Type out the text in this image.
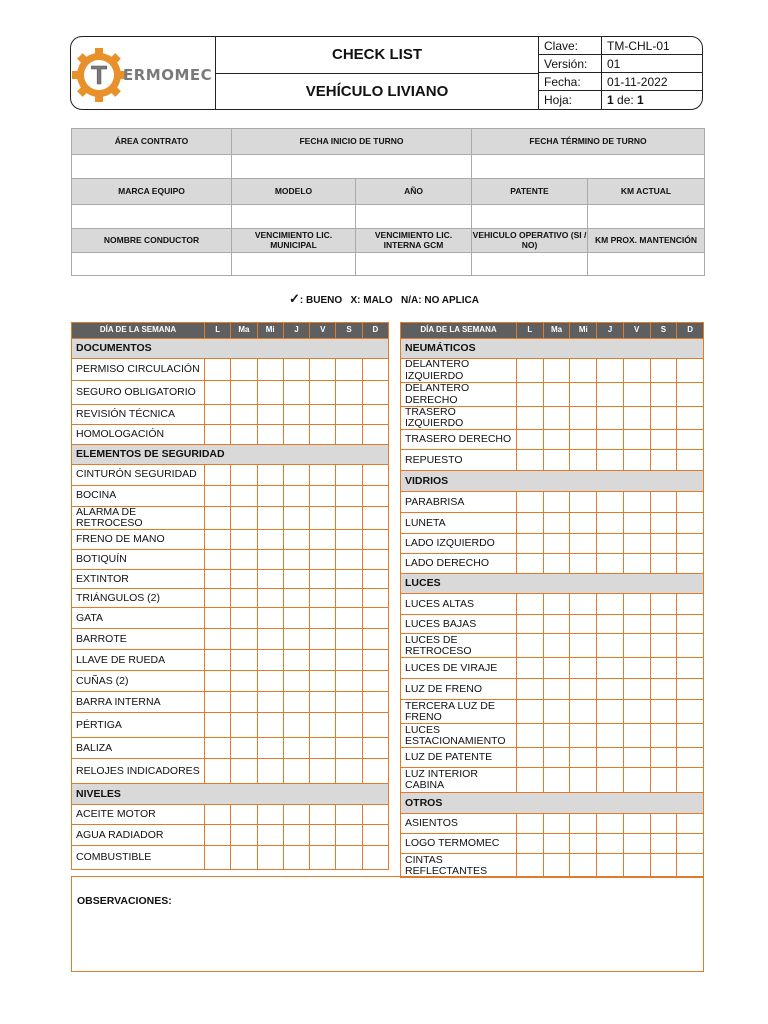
T ERMOMEC
CHECK LIST
VEHÍCULO LIVIANO
Clave:	TM-CHL-01
Versión:	01
Fecha:	01-11-2022
Hoja:	1 de: 1
ÁREA CONTRATO	FECHA INICIO DE TURNO		FECHA TÉRMINO DE TURNO	

MARCA EQUIPO	MODELO	AÑO	PATENTE	KM ACTUAL

NOMBRE CONDUCTOR	VENCIMIENTO LIC. MUNICIPAL	VENCIMIENTO LIC. INTERNA GCM	VEHICULO OPERATIVO (SI / NO)	KM PROX. MANTENCIÓN

✓: BUENO X: MALO N/A: NO APLICA
DÍA DE LA SEMANA	L	Ma	Mi	J	V	S	D
DOCUMENTOS							
PERMISO CIRCULACIÓN							
SEGURO OBLIGATORIO							
REVISIÓN TÉCNICA							
HOMOLOGACIÓN							
ELEMENTOS DE SEGURIDAD							
CINTURÓN SEGURIDAD							
BOCINA							
ALARMA DE RETROCESO							
FRENO DE MANO							
BOTIQUÍN							
EXTINTOR							
TRIÁNGULOS (2)							
GATA							
BARROTE							
LLAVE DE RUEDA							
CUÑAS (2)							
BARRA INTERNA							
PÉRTIGA							
BALIZA							
RELOJES INDICADORES							
NIVELES							
ACEITE MOTOR							
AGUA RADIADOR							
COMBUSTIBLE							
DÍA DE LA SEMANA	L	Ma	Mi	J	V	S	D
NEUMÁTICOS							
DELANTERO IZQUIERDO							
DELANTERO DERECHO							
TRASERO IZQUIERDO							
TRASERO DERECHO							
REPUESTO							
VIDRIOS							
PARABRISA							
LUNETA							
LADO IZQUIERDO							
LADO DERECHO							
LUCES							
LUCES ALTAS							
LUCES BAJAS							
LUCES DE RETROCESO							
LUCES DE VIRAJE							
LUZ DE FRENO							
TERCERA LUZ DE FRENO							
LUCES ESTACIONAMIENTO							
LUZ DE PATENTE							
LUZ INTERIOR CABINA							
OTROS							
ASIENTOS							
LOGO TERMOMEC							
CINTAS REFLECTANTES							
OBSERVACIONES:
